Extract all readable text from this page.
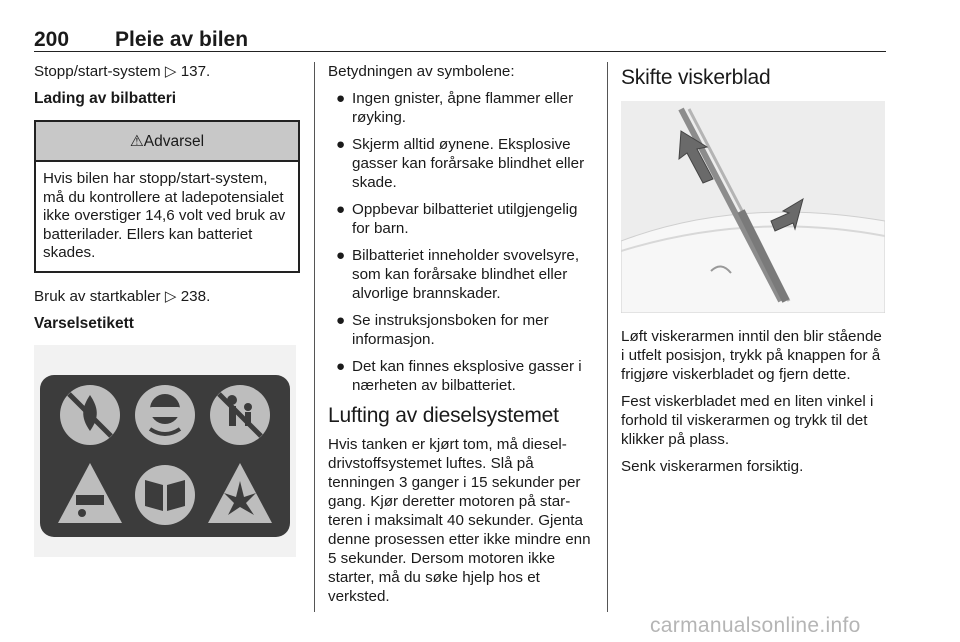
200 Pleie av bilen

Stopp/start-system ▷ 137.

Lading av bilbatteri
⚠Advarsel
Hvis bilen har stopp/start-system, må du kontrollere at ladepotensialet ikke overstiger 14,6 volt ved bruk av batterilader. Ellers kan batteriet skades.

Bruk av startkabler ▷ 238.

Varselsetikett

Betydningen av symbolene:

● Ingen gnister, åpne flammer eller røyking.
● Skjerm alltid øynene. Eksplosive gasser kan forårsake blindhet eller skade.
● Oppbevar bilbatteriet utilgjengelig for barn.
● Bilbatteriet inneholder svovelsyre, som kan forårsake blindhet eller alvorlige brannskader.
● Se instruksjonsboken for mer informasjon.
● Det kan finnes eksplosive gasser i nærheten av bilbatteriet.
Lufting av dieselsystemet

Hvis tanken er kjørt tom, må dieseldrivstoffsystemet luftes. Slå på tenningen 3 ganger i 15 sekunder per gang. Kjør deretter motoren på starteren i maksimalt 40 sekunder. Gjenta denne prosessen etter ikke mindre enn 5 sekunder. Dersom motoren ikke starter, må du søke hjelp hos et verksted.

Skifte viskerblad

Løft viskerarmen inntil den blir stående i utfelt posisjon, trykk på knappen for å frigjøre viskerbladet og fjern dette.

Fest viskerbladet med en liten vinkel i forhold til viskerarmen og trykk til det klikker på plass.

Senk viskerarmen forsiktig.

carmanualsonline.info
